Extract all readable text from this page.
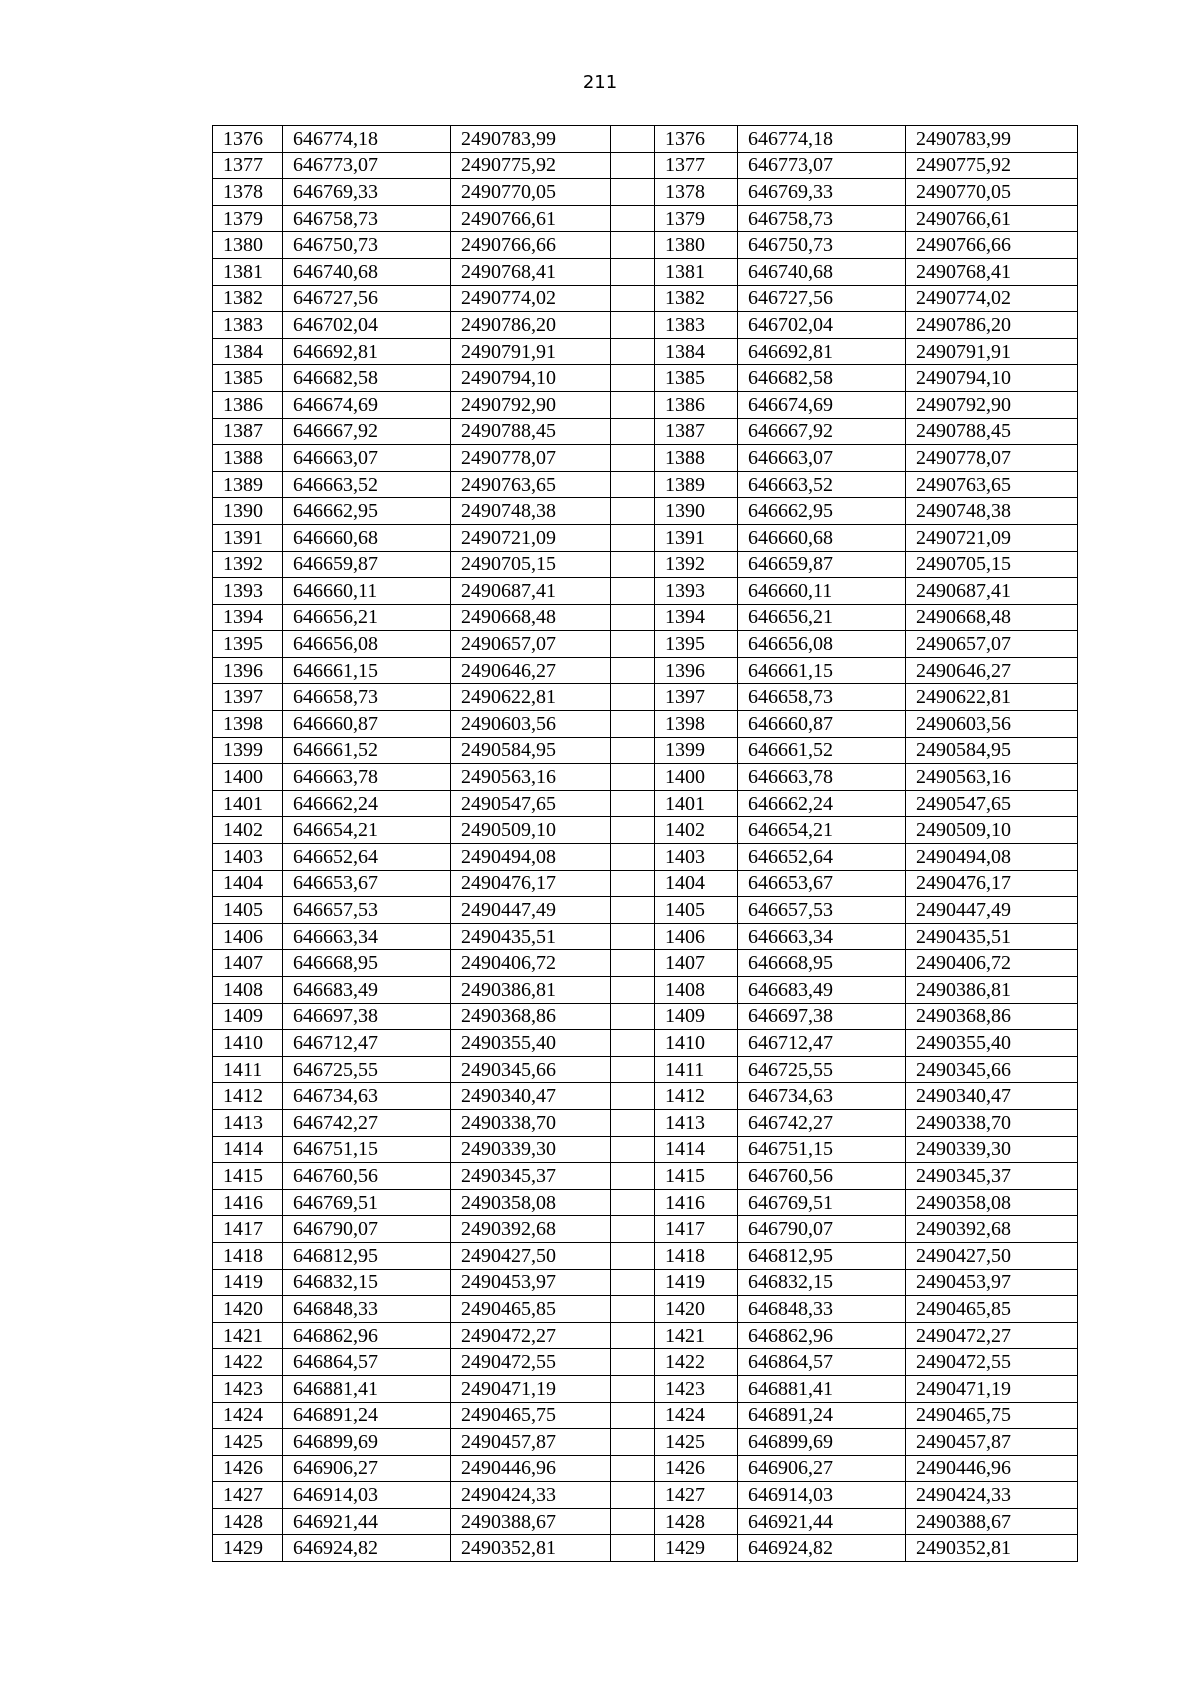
211
1376	646774,18	2490783,99		1376	646774,18	2490783,99
1377	646773,07	2490775,92		1377	646773,07	2490775,92
1378	646769,33	2490770,05		1378	646769,33	2490770,05
1379	646758,73	2490766,61		1379	646758,73	2490766,61
1380	646750,73	2490766,66		1380	646750,73	2490766,66
1381	646740,68	2490768,41		1381	646740,68	2490768,41
1382	646727,56	2490774,02		1382	646727,56	2490774,02
1383	646702,04	2490786,20		1383	646702,04	2490786,20
1384	646692,81	2490791,91		1384	646692,81	2490791,91
1385	646682,58	2490794,10		1385	646682,58	2490794,10
1386	646674,69	2490792,90		1386	646674,69	2490792,90
1387	646667,92	2490788,45		1387	646667,92	2490788,45
1388	646663,07	2490778,07		1388	646663,07	2490778,07
1389	646663,52	2490763,65		1389	646663,52	2490763,65
1390	646662,95	2490748,38		1390	646662,95	2490748,38
1391	646660,68	2490721,09		1391	646660,68	2490721,09
1392	646659,87	2490705,15		1392	646659,87	2490705,15
1393	646660,11	2490687,41		1393	646660,11	2490687,41
1394	646656,21	2490668,48		1394	646656,21	2490668,48
1395	646656,08	2490657,07		1395	646656,08	2490657,07
1396	646661,15	2490646,27		1396	646661,15	2490646,27
1397	646658,73	2490622,81		1397	646658,73	2490622,81
1398	646660,87	2490603,56		1398	646660,87	2490603,56
1399	646661,52	2490584,95		1399	646661,52	2490584,95
1400	646663,78	2490563,16		1400	646663,78	2490563,16
1401	646662,24	2490547,65		1401	646662,24	2490547,65
1402	646654,21	2490509,10		1402	646654,21	2490509,10
1403	646652,64	2490494,08		1403	646652,64	2490494,08
1404	646653,67	2490476,17		1404	646653,67	2490476,17
1405	646657,53	2490447,49		1405	646657,53	2490447,49
1406	646663,34	2490435,51		1406	646663,34	2490435,51
1407	646668,95	2490406,72		1407	646668,95	2490406,72
1408	646683,49	2490386,81		1408	646683,49	2490386,81
1409	646697,38	2490368,86		1409	646697,38	2490368,86
1410	646712,47	2490355,40		1410	646712,47	2490355,40
1411	646725,55	2490345,66		1411	646725,55	2490345,66
1412	646734,63	2490340,47		1412	646734,63	2490340,47
1413	646742,27	2490338,70		1413	646742,27	2490338,70
1414	646751,15	2490339,30		1414	646751,15	2490339,30
1415	646760,56	2490345,37		1415	646760,56	2490345,37
1416	646769,51	2490358,08		1416	646769,51	2490358,08
1417	646790,07	2490392,68		1417	646790,07	2490392,68
1418	646812,95	2490427,50		1418	646812,95	2490427,50
1419	646832,15	2490453,97		1419	646832,15	2490453,97
1420	646848,33	2490465,85		1420	646848,33	2490465,85
1421	646862,96	2490472,27		1421	646862,96	2490472,27
1422	646864,57	2490472,55		1422	646864,57	2490472,55
1423	646881,41	2490471,19		1423	646881,41	2490471,19
1424	646891,24	2490465,75		1424	646891,24	2490465,75
1425	646899,69	2490457,87		1425	646899,69	2490457,87
1426	646906,27	2490446,96		1426	646906,27	2490446,96
1427	646914,03	2490424,33		1427	646914,03	2490424,33
1428	646921,44	2490388,67		1428	646921,44	2490388,67
1429	646924,82	2490352,81		1429	646924,82	2490352,81
